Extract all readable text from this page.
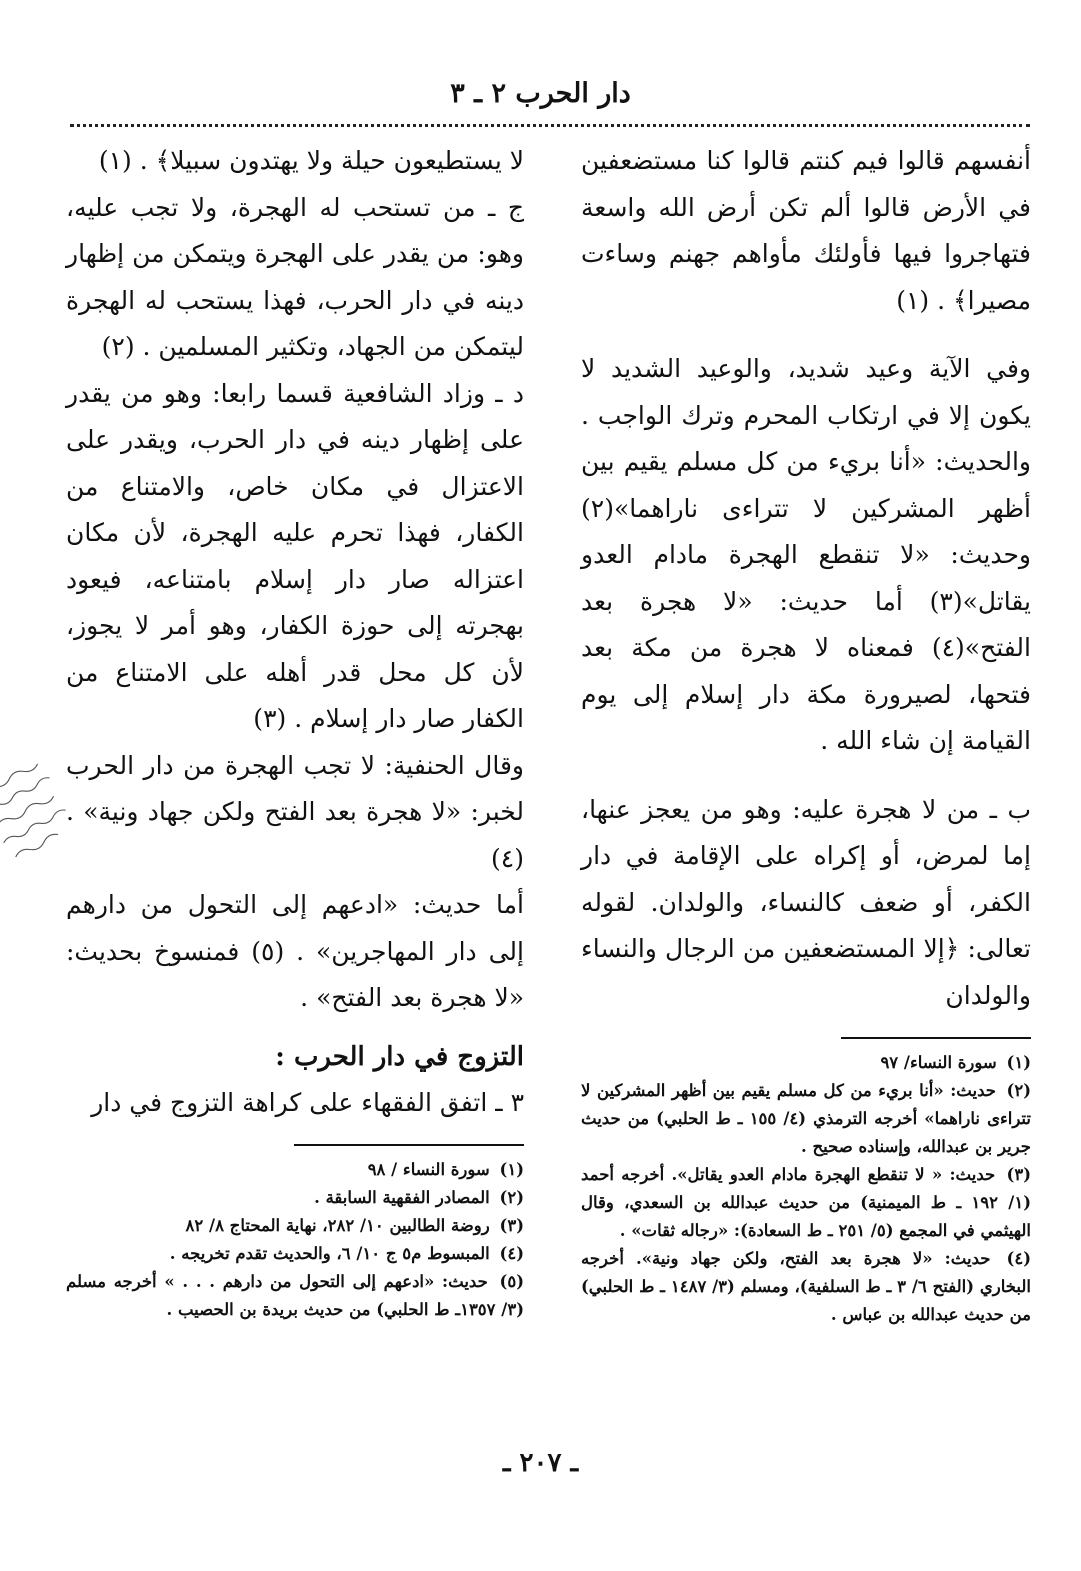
دار الحرب ٢ ـ ٣

أنفسهم قالوا فيم كنتم قالوا كنا مستضعفين في الأرض قالوا ألم تكن أرض الله واسعة فتهاجروا فيها فأولئك مأواهم جهنم وساءت مصيرا﴾ . (١)

وفي الآية وعيد شديد، والوعيد الشديد لا يكون إلا في ارتكاب المحرم وترك الواجب . والحديث: «أنا بريء من كل مسلم يقيم بين أظهر المشركين لا تتراءى ناراهما»(٢) وحديث: «لا تنقطع الهجرة مادام العدو يقاتل»(٣) أما حديث: «لا هجرة بعد الفتح»(٤) فمعناه لا هجرة من مكة بعد فتحها، لصيرورة مكة دار إسلام إلى يوم القيامة إن شاء الله .

ب ـ من لا هجرة عليه: وهو من يعجز عنها، إما لمرض، أو إكراه على الإقامة في دار الكفر، أو ضعف كالنساء، والولدان. لقوله تعالى: ﴿إلا المستضعفين من الرجال والنساء والولدان

(١) سورة النساء/ ٩٧
(٢) حديث: «أنا بريء من كل مسلم يقيم بين أظهر المشركين لا تتراءى ناراهما» أخرجه الترمذي (٤/ ١٥٥ ـ ط الحلبي) من حديث جرير بن عبدالله، وإسناده صحيح .
(٣) حديث: « لا تنقطع الهجرة مادام العدو يقاتل». أخرجه أحمد (١/ ١٩٢ ـ ط الميمنية) من حديث عبدالله بن السعدي، وقال الهيثمي في المجمع (٥/ ٢٥١ ـ ط السعادة): «رجاله ثقات» .
(٤) حديث: «لا هجرة بعد الفتح، ولكن جهاد ونية». أخرجه البخاري (الفتح ٦/ ٣ ـ ط السلفية)، ومسلم (٣/ ١٤٨٧ ـ ط الحلبي) من حديث عبدالله بن عباس .

لا يستطيعون حيلة ولا يهتدون سبيلا﴾ . (١)

ج ـ من تستحب له الهجرة، ولا تجب عليه، وهو: من يقدر على الهجرة ويتمكن من إظهار دينه في دار الحرب، فهذا يستحب له الهجرة ليتمكن من الجهاد، وتكثير المسلمين . (٢)

د ـ وزاد الشافعية قسما رابعا: وهو من يقدر على إظهار دينه في دار الحرب، ويقدر على الاعتزال في مكان خاص، والامتناع من الكفار، فهذا تحرم عليه الهجرة، لأن مكان اعتزاله صار دار إسلام بامتناعه، فيعود بهجرته إلى حوزة الكفار، وهو أمر لا يجوز، لأن كل محل قدر أهله على الامتناع من الكفار صار دار إسلام . (٣)

وقال الحنفية: لا تجب الهجرة من دار الحرب لخبر: «لا هجرة بعد الفتح ولكن جهاد ونية» . (٤)

أما حديث: «ادعهم إلى التحول من دارهم إلى دار المهاجرين» . (٥) فمنسوخ بحديث: «لا هجرة بعد الفتح» .

التزوج في دار الحرب :

٣ ـ اتفق الفقهاء على كراهة التزوج في دار

(١) سورة النساء / ٩٨
(٢) المصادر الفقهية السابقة .
(٣) روضة الطالبين ١٠/ ٢٨٢، نهاية المحتاج ٨/ ٨٢
(٤) المبسوط م٥ ج ١٠/ ٦، والحديث تقدم تخريجه .
(٥) حديث: «ادعهم إلى التحول من دارهم . . . » أخرجه مسلم (٣/ ١٣٥٧ـ ط الحلبي) من حديث بريدة بن الحصيب .
ـ ٢٠٧ ـ
